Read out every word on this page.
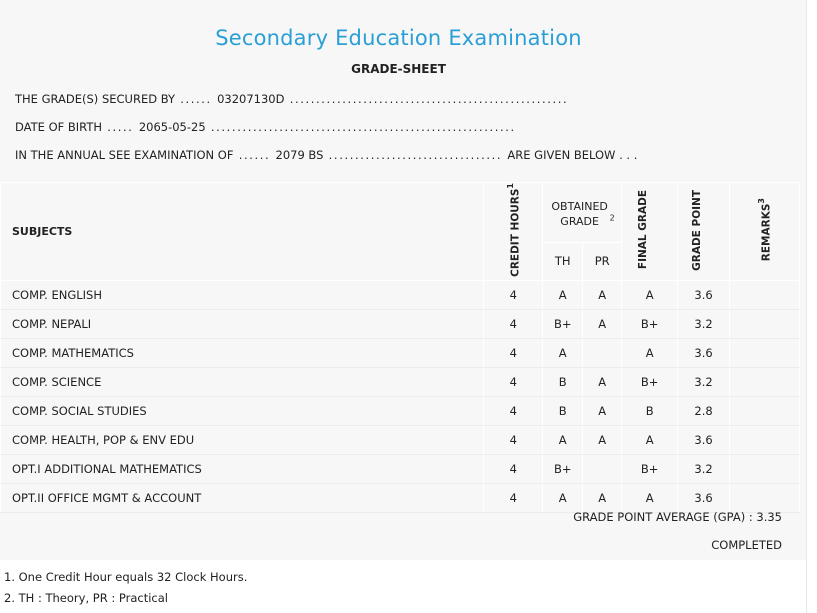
Secondary Education Examination
GRADE-SHEET
THE GRADE(S) SECURED BY ...... 03207130D .....................................................
DATE OF BIRTH ..... 2065-05-25 ..........................................................
IN THE ANNUAL SEE EXAMINATION OF ...... 2079 BS ................................. ARE GIVEN BELOW . . .
SUBJECTS	CREDIT HOURS$^1$	OBTAINED GRADE $^2$		FINAL GRADE	GRADE POINT	REMARKS$^3$
		TH	PR			
COMP. ENGLISH	4	A	A	A	3.6	
COMP. NEPALI	4	B+	A	B+	3.2	
COMP. MATHEMATICS	4	A		A	3.6	
COMP. SCIENCE	4	B	A	B+	3.2	
COMP. SOCIAL STUDIES	4	B	A	B	2.8	
COMP. HEALTH, POP & ENV EDU	4	A	A	A	3.6	
OPT.I ADDITIONAL MATHEMATICS	4	B+		B+	3.2	
OPT.II OFFICE MGMT & ACCOUNT	4	A	A	A	3.6	
GRADE POINT AVERAGE (GPA) : 3.35
COMPLETED
1. One Credit Hour equals 32 Clock Hours.
2. TH : Theory, PR : Practical
